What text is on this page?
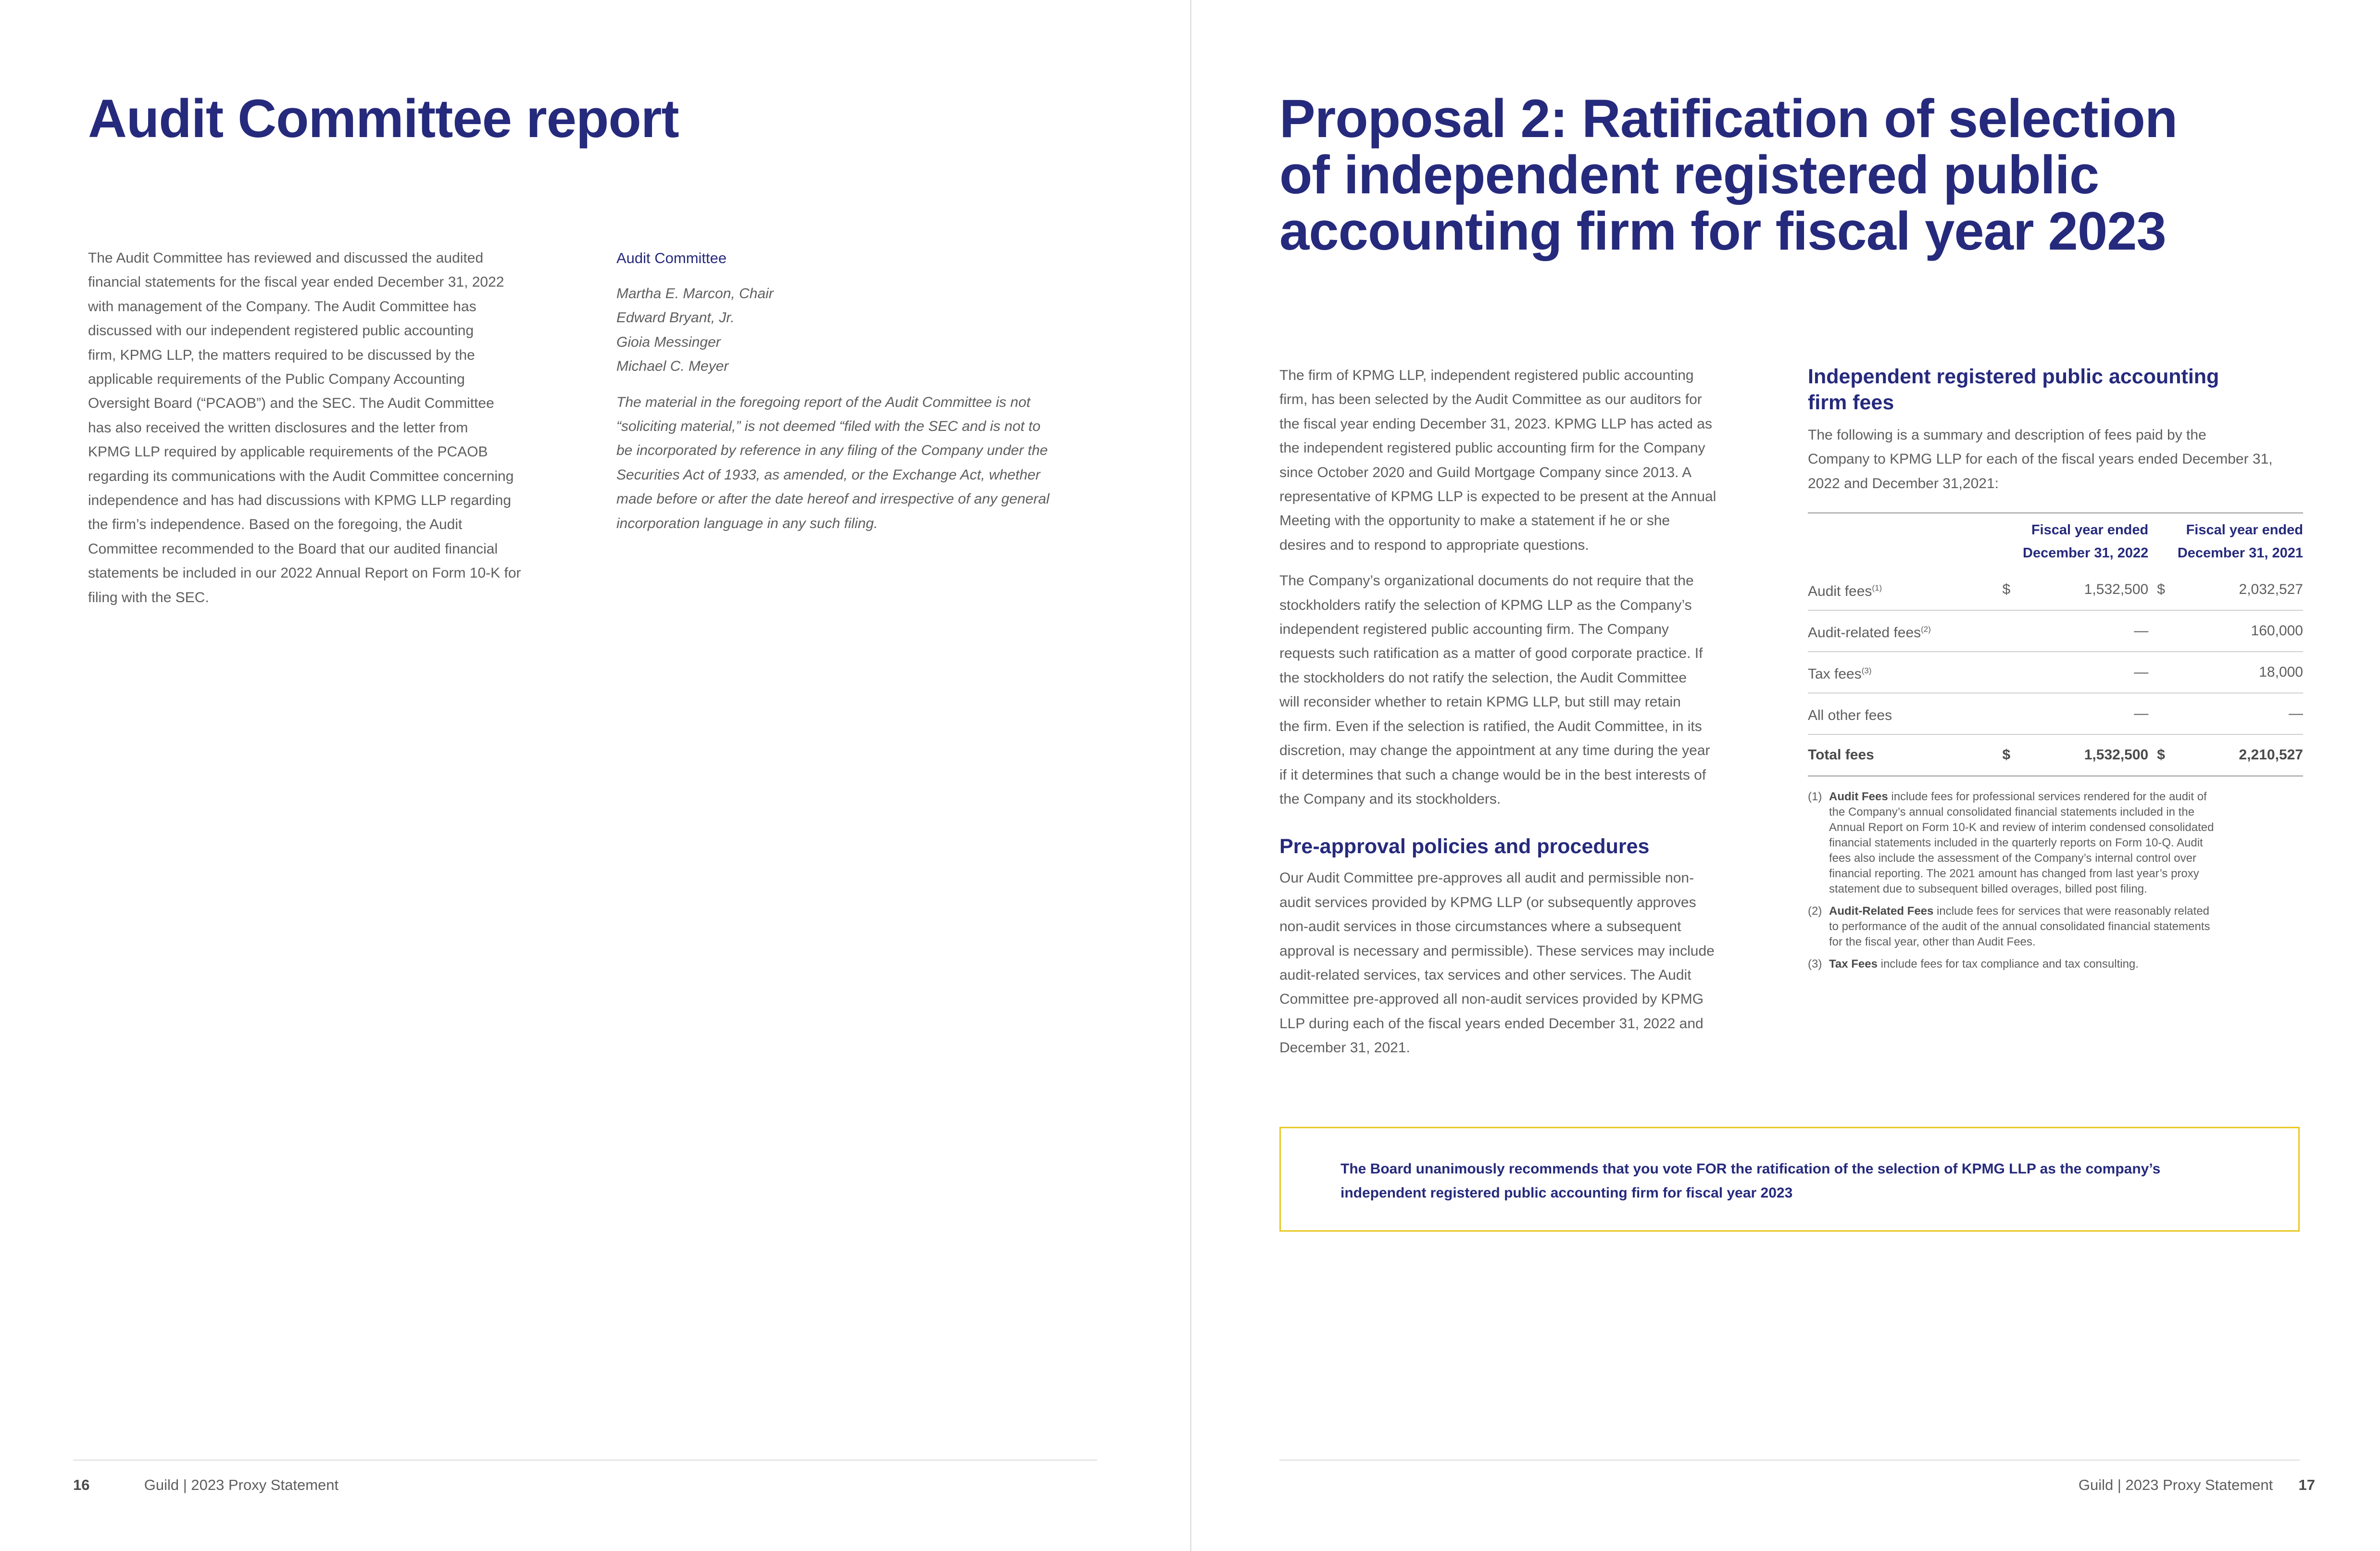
Audit Committee report

The Audit Committee has reviewed and discussed the audited
financial statements for the fiscal year ended December 31, 2022
with management of the Company. The Audit Committee has
discussed with our independent registered public accounting
firm, KPMG LLP, the matters required to be discussed by the
applicable requirements of the Public Company Accounting
Oversight Board (“PCAOB”) and the SEC. The Audit Committee
has also received the written disclosures and the letter from
KPMG LLP required by applicable requirements of the PCAOB
regarding its communications with the Audit Committee concerning
independence and has had discussions with KPMG LLP regarding
the firm’s independence. Based on the foregoing, the Audit
Committee recommended to the Board that our audited financial
statements be included in our 2022 Annual Report on Form 10-K for
filing with the SEC.

Audit Committee
Martha E. Marcon, Chair
Edward Bryant, Jr.
Gioia Messinger
Michael C. Meyer

The material in the foregoing report of the Audit Committee is not
“soliciting material,” is not deemed “filed with the SEC and is not to
be incorporated by reference in any filing of the Company under the
Securities Act of 1933, as amended, or the Exchange Act, whether
made before or after the date hereof and irrespective of any general
incorporation language in any such filing.

16	Guild | 2023 Proxy Statement
Proposal 2: Ratification of selection
of independent registered public
accounting firm for fiscal year 2023

The firm of KPMG LLP, independent registered public accounting
firm, has been selected by the Audit Committee as our auditors for
the fiscal year ending December 31, 2023. KPMG LLP has acted as
the independent registered public accounting firm for the Company
since October 2020 and Guild Mortgage Company since 2013. A
representative of KPMG LLP is expected to be present at the Annual
Meeting with the opportunity to make a statement if he or she
desires and to respond to appropriate questions.

The Company’s organizational documents do not require that the
stockholders ratify the selection of KPMG LLP as the Company’s
independent registered public accounting firm. The Company
requests such ratification as a matter of good corporate practice. If
the stockholders do not ratify the selection, the Audit Committee
will reconsider whether to retain KPMG LLP, but still may retain
the firm. Even if the selection is ratified, the Audit Committee, in its
discretion, may change the appointment at any time during the year
if it determines that such a change would be in the best interests of
the Company and its stockholders.

Pre-approval policies and procedures

Our Audit Committee pre-approves all audit and permissible non-
audit services provided by KPMG LLP (or subsequently approves
non-audit services in those circumstances where a subsequent
approval is necessary and permissible). These services may include
audit-related services, tax services and other services. The Audit
Committee pre-approved all non-audit services provided by KPMG
LLP during each of the fiscal years ended December 31, 2022 and
December 31, 2021.

Independent registered public accounting
firm fees

The following is a summary and description of fees paid by the
Company to KPMG LLP for each of the fiscal years ended December 31,
2022 and December 31,2021:

	Fiscal year ended
December 31, 2022		Fiscal year ended
December 31, 2021	

Audit fees$^{(1)}$	$	1,532,500	$	2,032,527
Audit-related fees$^{(2)}$		—		160,000
Tax fees$^{(3)}$		—		18,000
All other fees		—		—
Total fees	$	1,532,500	$	2,210,527
(1) Audit Fees include fees for professional services rendered for the audit of
the Company’s annual consolidated financial statements included in the
Annual Report on Form 10-K and review of interim condensed consolidated
financial statements included in the quarterly reports on Form 10-Q. Audit
fees also include the assessment of the Company’s internal control over
financial reporting. The 2021 amount has changed from last year’s proxy
statement due to subsequent billed overages, billed post filing.
(2) Audit-Related Fees include fees for services that were reasonably related
to performance of the audit of the annual consolidated financial statements
for the fiscal year, other than Audit Fees.
(3) Tax Fees include fees for tax compliance and tax consulting.
The Board unanimously recommends that you vote FOR the ratification of the selection of KPMG LLP as the company’s
independent registered public accounting firm for fiscal year 2023
Guild | 2023 Proxy Statement 17
